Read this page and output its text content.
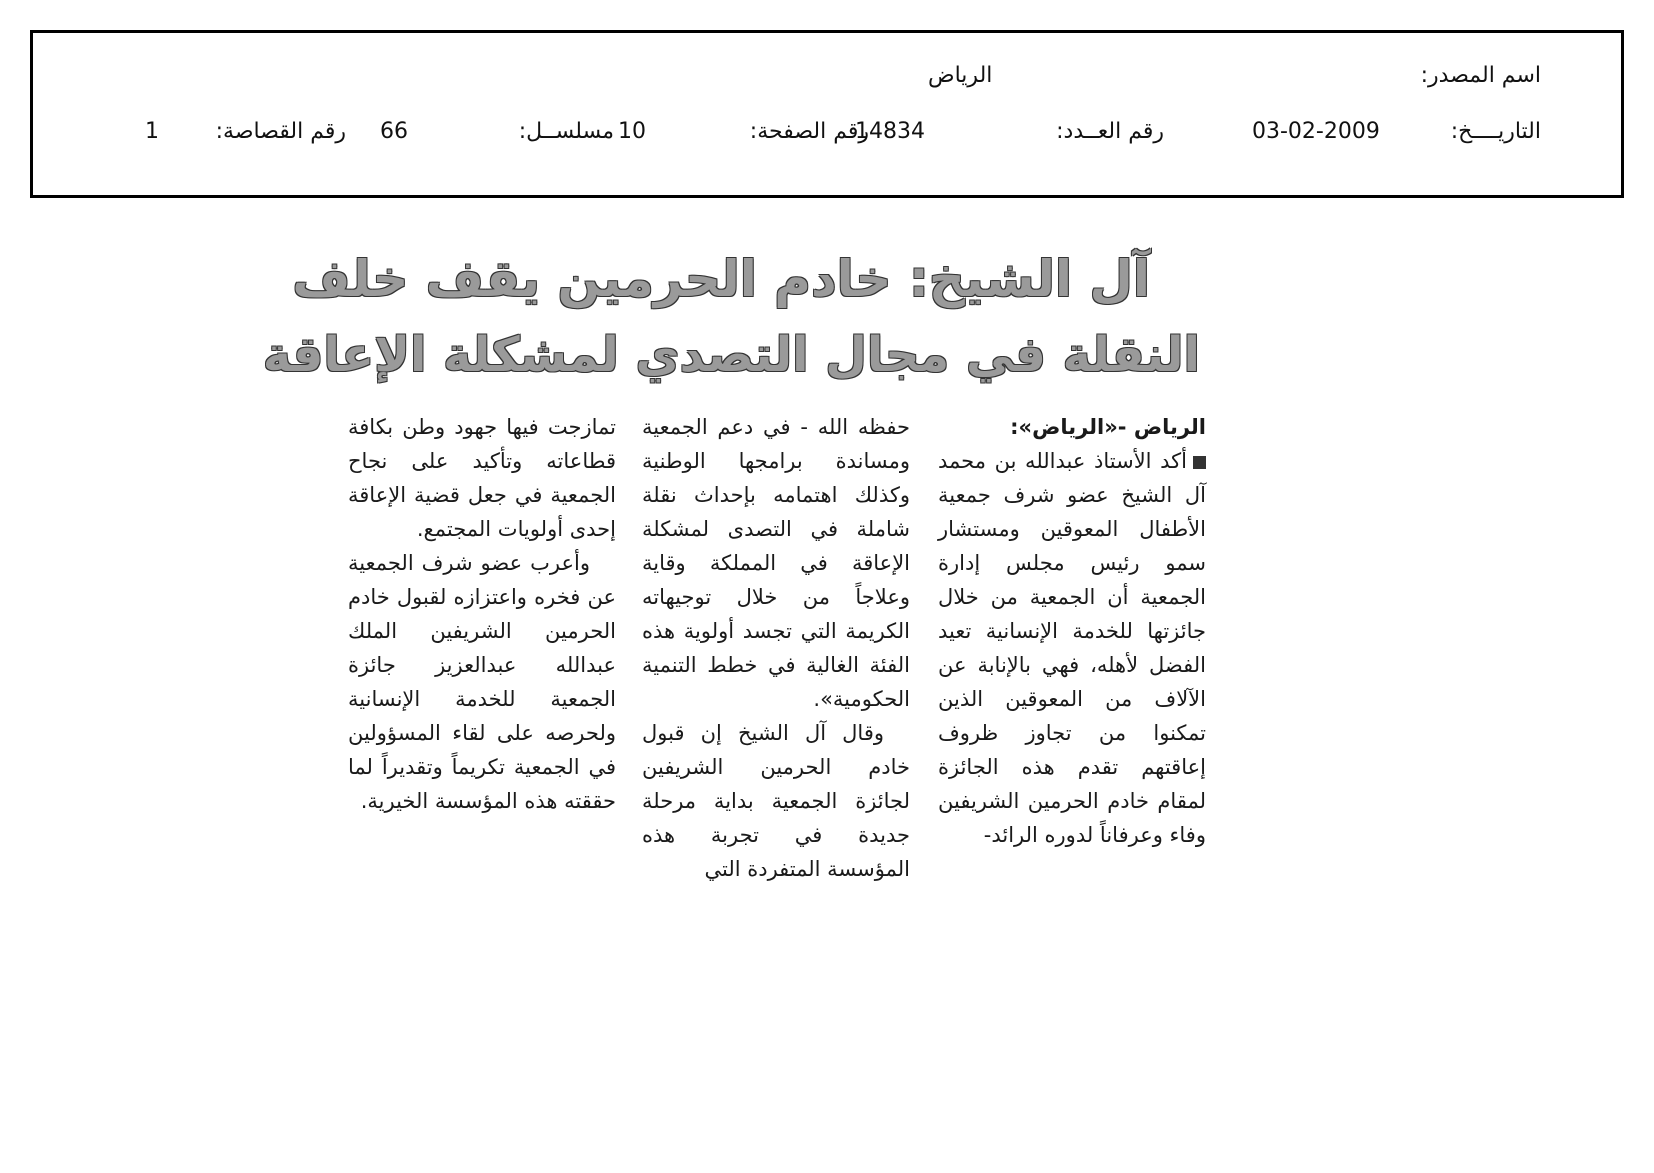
اسم المصدر:
الرياض
التاريــــخ:
03-02-2009
رقم العــدد:
14834
رقم الصفحة:
10
مسلســل:
66
رقم القصاصة:
1
آل الشيخ: خادم الحرمين يقف خلف
النقلة في مجال التصدي لمشكلة الإعاقة

الرياض -«الرياض»:

أكد الأستاذ عبدالله بن محمد آل الشيخ عضو شرف جمعية الأطفال المعوقين ومستشار سمو رئيس مجلس إدارة الجمعية أن الجمعية من خلال جائزتها للخدمة الإنسانية تعيد الفضل لأهله، فهي بالإنابة عن الآلاف من المعوقين الذين تمكنوا من تجاوز ظروف إعاقتهم تقدم هذه الجائزة لمقام خادم الحرمين الشريفين وفاء وعرفاناً لدوره الرائد-

حفظه الله - في دعم الجمعية ومساندة برامجها الوطنية وكذلك اهتمامه بإحداث نقلة شاملة في التصدى لمشكلة الإعاقة في المملكة وقاية وعلاجاً من خلال توجيهاته الكريمة التي تجسد أولوية هذه الفئة الغالية في خطط التنمية الحكومية».

وقال آل الشيخ إن قبول خادم الحرمين الشريفين لجائزة الجمعية بداية مرحلة جديدة في تجربة هذه المؤسسة المتفردة التي

تمازجت فيها جهود وطن بكافة قطاعاته وتأكيد على نجاح الجمعية في جعل قضية الإعاقة إحدى أولويات المجتمع.

وأعرب عضو شرف الجمعية عن فخره واعتزازه لقبول خادم الحرمين الشريفين الملك عبدالله عبدالعزيز جائزة الجمعية للخدمة الإنسانية ولحرصه على لقاء المسؤولين في الجمعية تكريماً وتقديراً لما حققته هذه المؤسسة الخيرية.
